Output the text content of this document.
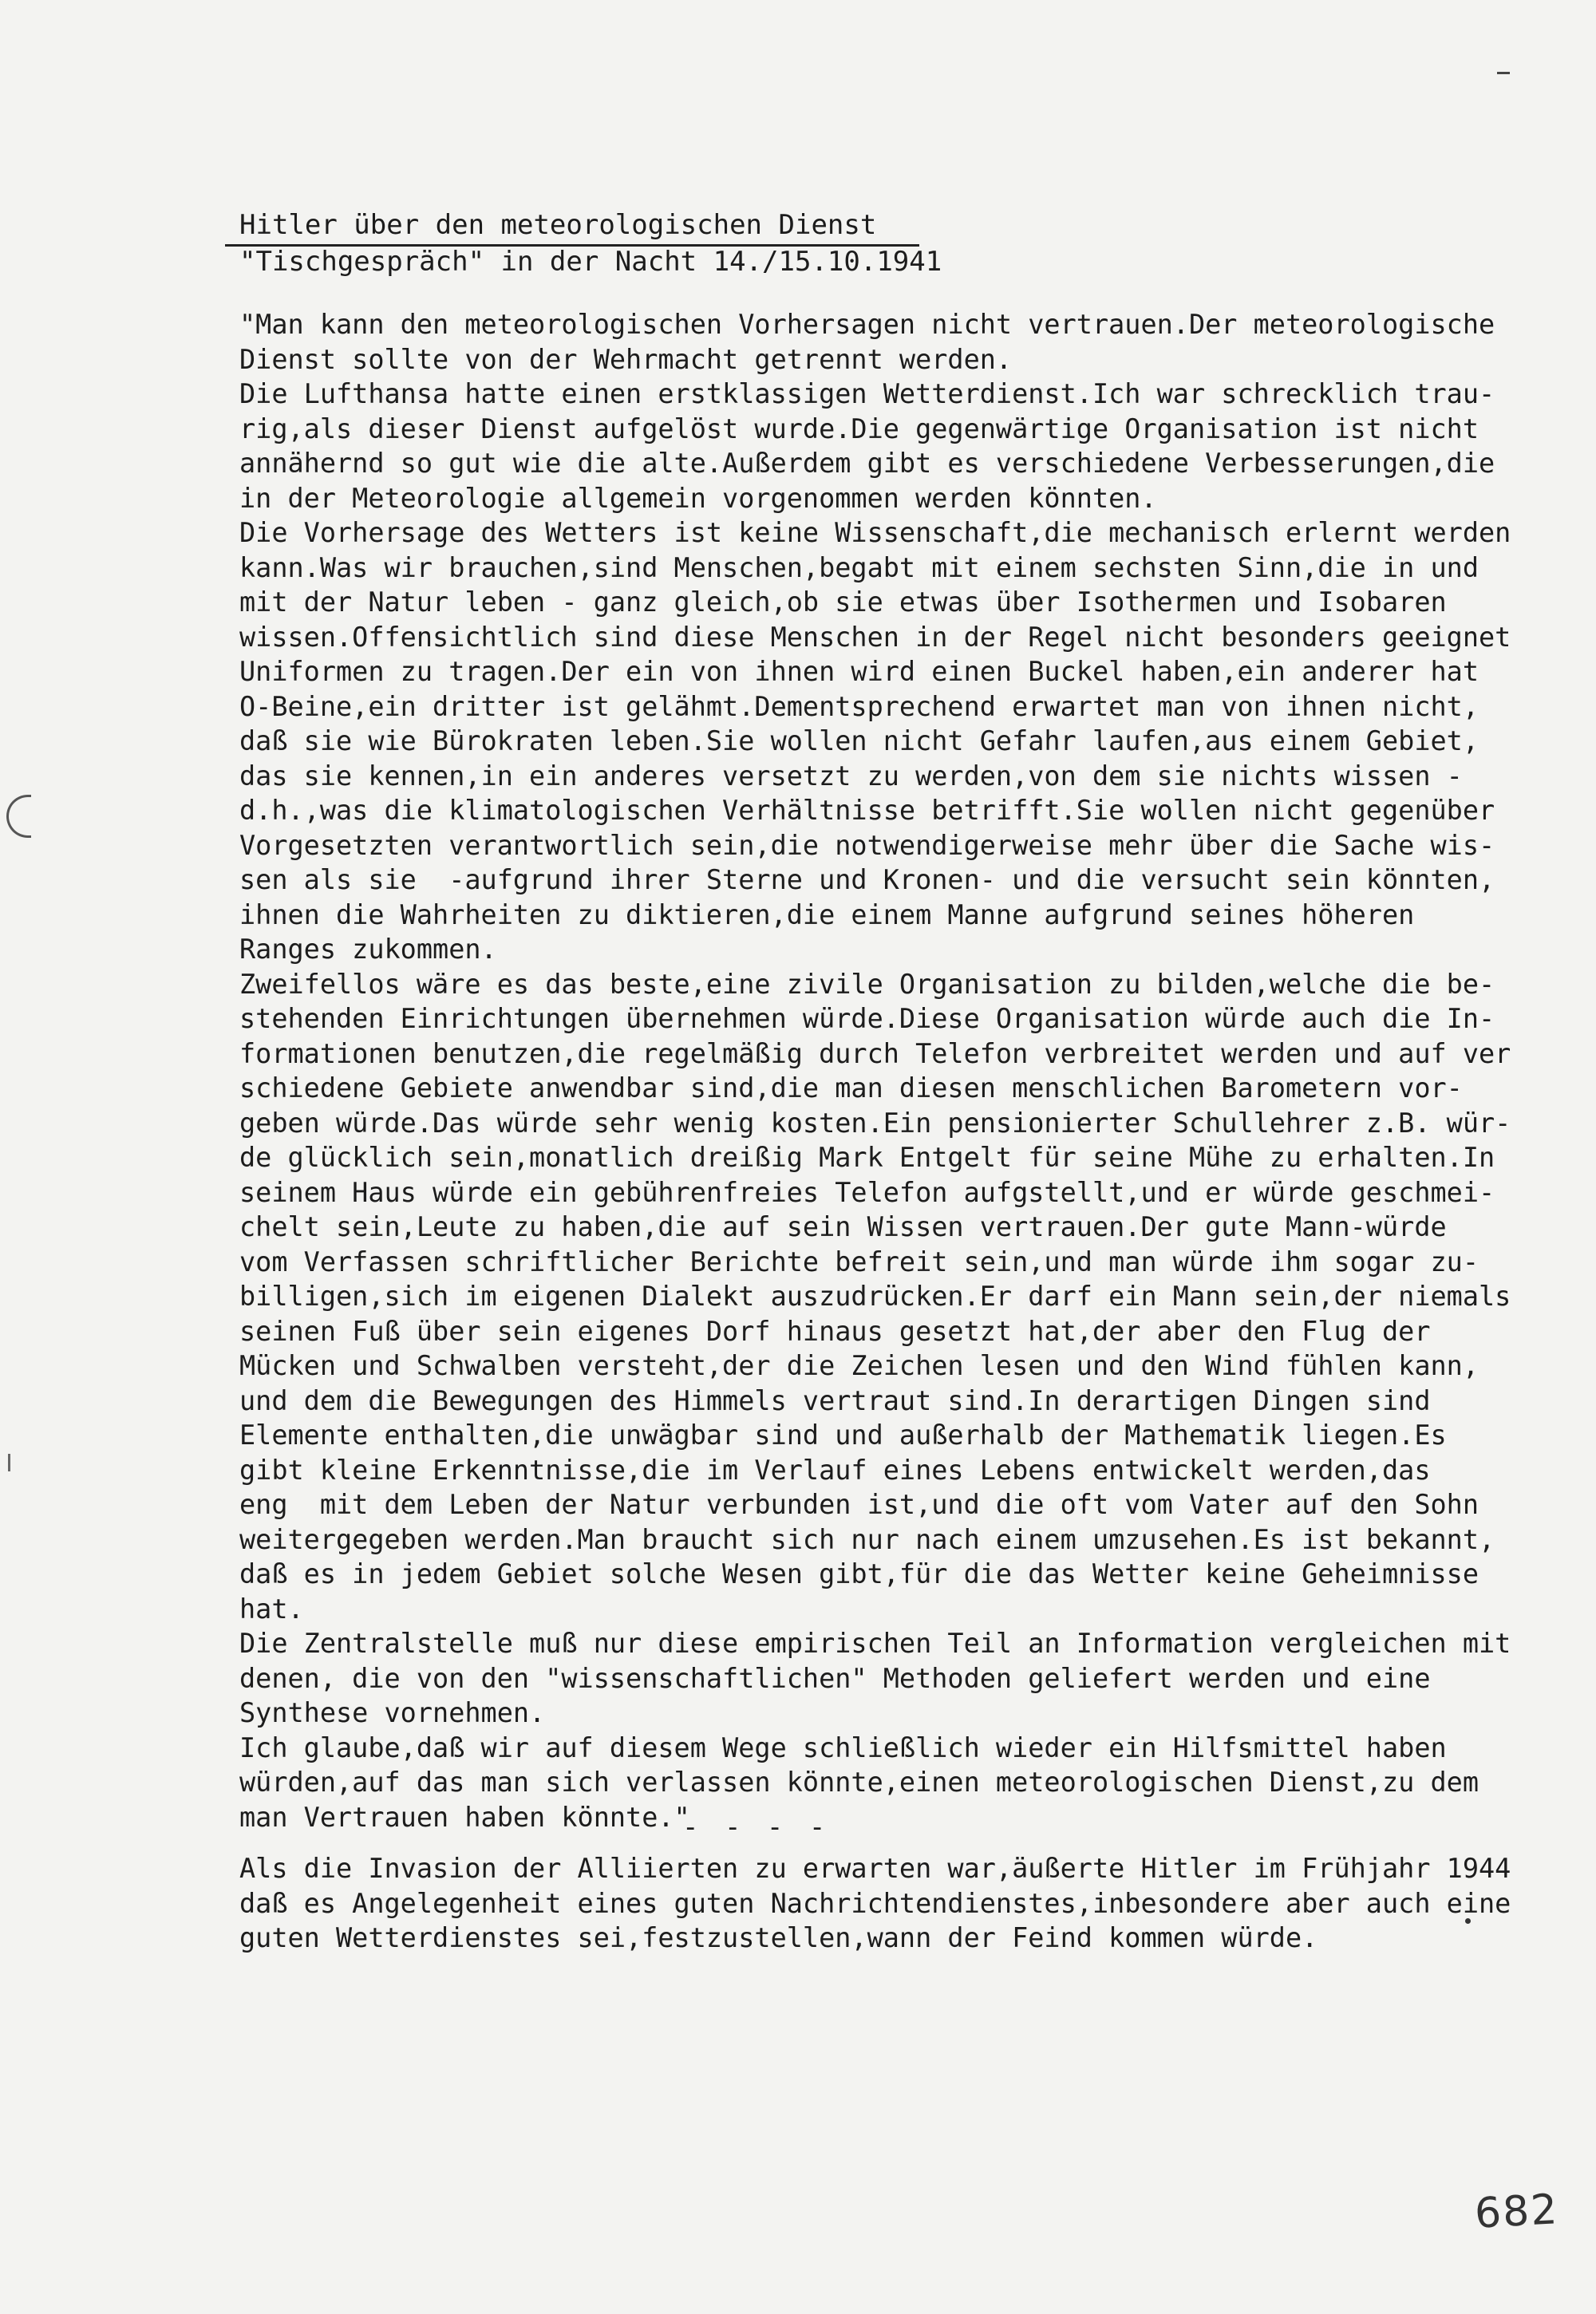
Hitler über den meteorologischen Dienst
"Tischgespräch" in der Nacht 14./15.10.1941
"Man kann den meteorologischen Vorhersagen nicht vertrauen.Der meteorologische
Dienst sollte von der Wehrmacht getrennt werden.
Die Lufthansa hatte einen erstklassigen Wetterdienst.Ich war schrecklich trau-
rig,als dieser Dienst aufgelöst wurde.Die gegenwärtige Organisation ist nicht
annähernd so gut wie die alte.Außerdem gibt es verschiedene Verbesserungen,die
in der Meteorologie allgemein vorgenommen werden könnten.
Die Vorhersage des Wetters ist keine Wissenschaft,die mechanisch erlernt werden
kann.Was wir brauchen,sind Menschen,begabt mit einem sechsten Sinn,die in und
mit der Natur leben - ganz gleich,ob sie etwas über Isothermen und Isobaren
wissen.Offensichtlich sind diese Menschen in der Regel nicht besonders geeignet
Uniformen zu tragen.Der ein von ihnen wird einen Buckel haben,ein anderer hat
O-Beine,ein dritter ist gelähmt.Dementsprechend erwartet man von ihnen nicht,
daß sie wie Bürokraten leben.Sie wollen nicht Gefahr laufen,aus einem Gebiet,
das sie kennen,in ein anderes versetzt zu werden,von dem sie nichts wissen -
d.h.,was die klimatologischen Verhältnisse betrifft.Sie wollen nicht gegenüber
Vorgesetzten verantwortlich sein,die notwendigerweise mehr über die Sache wis-
sen als sie  -aufgrund ihrer Sterne und Kronen- und die versucht sein könnten,
ihnen die Wahrheiten zu diktieren,die einem Manne aufgrund seines höheren
Ranges zukommen.
Zweifellos wäre es das beste,eine zivile Organisation zu bilden,welche die be-
stehenden Einrichtungen übernehmen würde.Diese Organisation würde auch die In-
formationen benutzen,die regelmäßig durch Telefon verbreitet werden und auf ver
schiedene Gebiete anwendbar sind,die man diesen menschlichen Barometern vor-
geben würde.Das würde sehr wenig kosten.Ein pensionierter Schullehrer z.B. wür-
de glücklich sein,monatlich dreißig Mark Entgelt für seine Mühe zu erhalten.In
seinem Haus würde ein gebührenfreies Telefon aufgstellt,und er würde geschmei-
chelt sein,Leute zu haben,die auf sein Wissen vertrauen.Der gute Mann-würde
vom Verfassen schriftlicher Berichte befreit sein,und man würde ihm sogar zu-
billigen,sich im eigenen Dialekt auszudrücken.Er darf ein Mann sein,der niemals
seinen Fuß über sein eigenes Dorf hinaus gesetzt hat,der aber den Flug der
Mücken und Schwalben versteht,der die Zeichen lesen und den Wind fühlen kann,
und dem die Bewegungen des Himmels vertraut sind.In derartigen Dingen sind
Elemente enthalten,die unwägbar sind und außerhalb der Mathematik liegen.Es
gibt kleine Erkenntnisse,die im Verlauf eines Lebens entwickelt werden,das
eng  mit dem Leben der Natur verbunden ist,und die oft vom Vater auf den Sohn
weitergegeben werden.Man braucht sich nur nach einem umzusehen.Es ist bekannt,
daß es in jedem Gebiet solche Wesen gibt,für die das Wetter keine Geheimnisse
hat.
Die Zentralstelle muß nur diese empirischen Teil an Information vergleichen mit
denen, die von den "wissenschaftlichen" Methoden geliefert werden und eine
Synthese vornehmen.
Ich glaube,daß wir auf diesem Wege schließlich wieder ein Hilfsmittel haben
würden,auf das man sich verlassen könnte,einen meteorologischen Dienst,zu dem
man Vertrauen haben könnte."
- - - -
Als die Invasion der Alliierten zu erwarten war,äußerte Hitler im Frühjahr 1944
daß es Angelegenheit eines guten Nachrichtendienstes,inbesondere aber auch eine
guten Wetterdienstes sei,festzustellen,wann der Feind kommen würde.
682
